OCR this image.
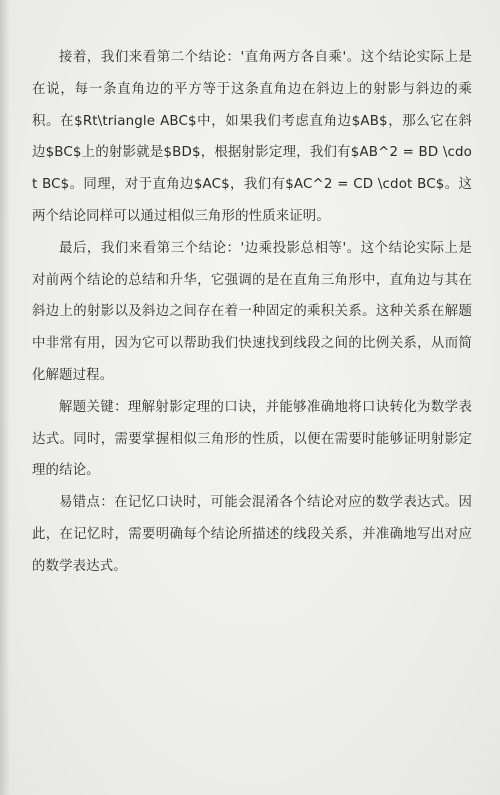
接着，我们来看第二个结论：'直角两方各自乘'。这个结论实际上是在说，每一条直角边的平方等于这条直角边在斜边上的射影与斜边的乘积。在$Rt\triangle ABC$中，如果我们考虑直角边$AB$，那么它在斜边$BC$上的射影就是$BD$，根据射影定理，我们有$AB^2 = BD \cdot BC$。同理，对于直角边$AC$，我们有$AC^2 = CD \cdot BC$。这两个结论同样可以通过相似三角形的性质来证明。

最后，我们来看第三个结论：'边乘投影总相等'。这个结论实际上是对前两个结论的总结和升华，它强调的是在直角三角形中，直角边与其在斜边上的射影以及斜边之间存在着一种固定的乘积关系。这种关系在解题中非常有用，因为它可以帮助我们快速找到线段之间的比例关系，从而简化解题过程。

解题关键：理解射影定理的口诀，并能够准确地将口诀转化为数学表达式。同时，需要掌握相似三角形的性质，以便在需要时能够证明射影定理的结论。

易错点：在记忆口诀时，可能会混淆各个结论对应的数学表达式。因此，在记忆时，需要明确每个结论所描述的线段关系，并准确地写出对应的数学表达式。
